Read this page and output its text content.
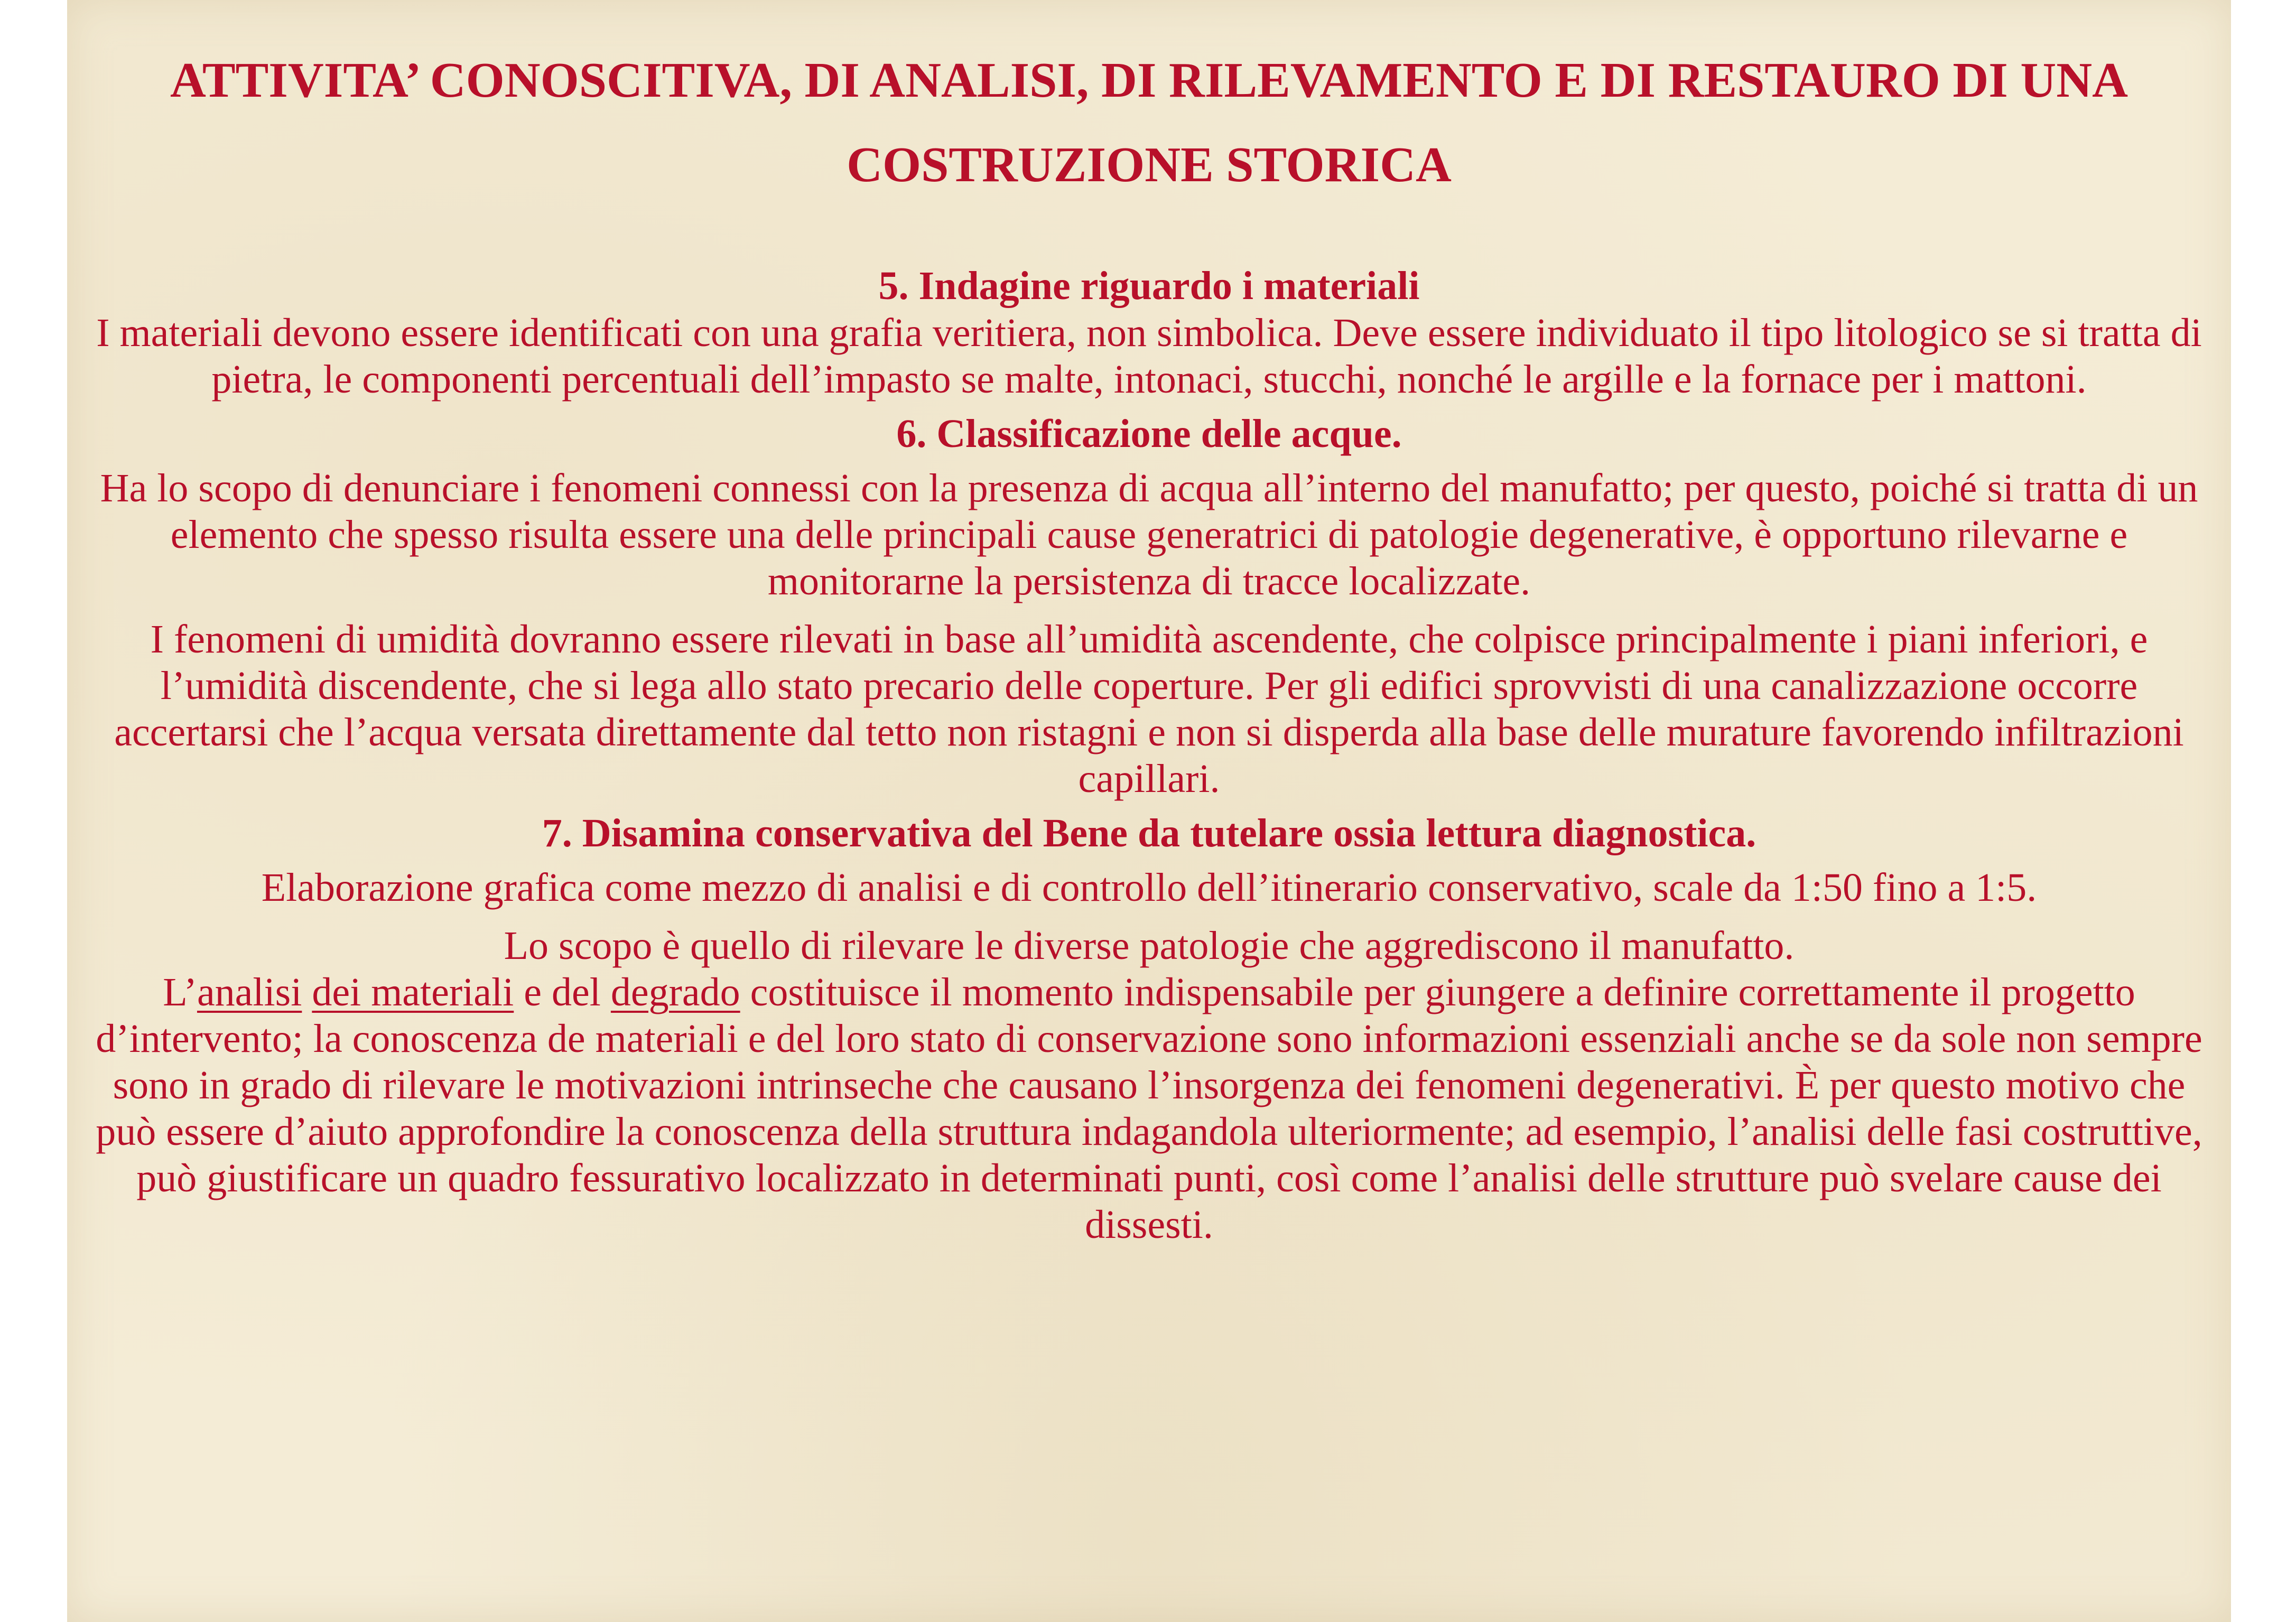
ATTIVITA’ CONOSCITIVA, DI ANALISI, DI RILEVAMENTO E DI RESTAURO DI UNA COSTRUZIONE STORICA
5. Indagine riguardo i materiali

I materiali devono essere identificati con una grafia veritiera, non simbolica. Deve essere individuato il tipo litologico se si tratta di pietra, le componenti percentuali dell’impasto se malte, intonaci, stucchi, nonché le argille e la fornace per i mattoni.

6. Classificazione delle acque.

Ha lo scopo di denunciare i fenomeni connessi con la presenza di acqua all’interno del manufatto; per questo, poiché si tratta di un elemento che spesso risulta essere una delle principali cause generatrici di patologie degenerative, è opportuno rilevarne e monitorarne la persistenza di tracce localizzate.

I fenomeni di umidità dovranno essere rilevati in base all’umidità ascendente, che colpisce principalmente i piani inferiori, e l’umidità discendente, che si lega allo stato precario delle coperture. Per gli edifici sprovvisti di una canalizzazione occorre accertarsi che l’acqua versata direttamente dal tetto non ristagni e non si disperda alla base delle murature favorendo infiltrazioni capillari.

7. Disamina conservativa del Bene da tutelare ossia lettura diagnostica.

Elaborazione grafica come mezzo di analisi e di controllo dell’itinerario conservativo, scale da 1:50 fino a 1:5.

Lo scopo è quello di rilevare le diverse patologie che aggrediscono il manufatto.

L’analisi dei materiali e del degrado costituisce il momento indispensabile per giungere a definire correttamente il progetto d’intervento; la conoscenza de materiali e del loro stato di conservazione sono informazioni essenziali anche se da sole non sempre sono in grado di rilevare le motivazioni intrinseche che causano l’insorgenza dei fenomeni degenerativi. È per questo motivo che può essere d’aiuto approfondire la conoscenza della struttura indagandola ulteriormente; ad esempio, l’analisi delle fasi costruttive, può giustificare un quadro fessurativo localizzato in determinati punti, così come l’analisi delle strutture può svelare cause dei dissesti.
